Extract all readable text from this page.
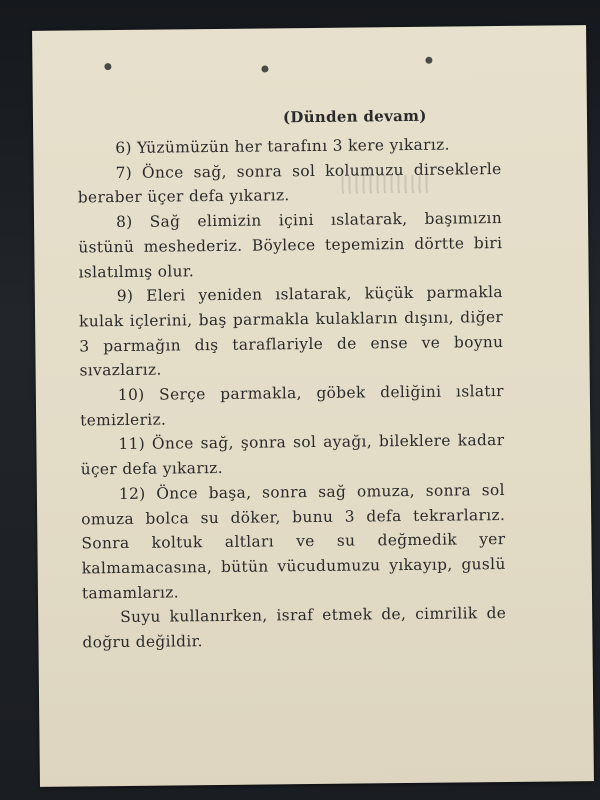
(Dünden devam)

6) Yüzümüzün her tarafını 3 kere yıkarız.

7) Önce sağ, sonra sol kolumuzu dirseklerle beraber üçer defa yıkarız.

8) Sağ elimizin içini ıslatarak, başımızın üstünü meshederiz. Böylece tepemizin dörtte biri ıslatılmış olur.

9) Eleri yeniden ıslatarak, küçük parmakla kulak içlerini, baş parmakla kulakların dışını, diğer 3 parmağın dış taraflariyle de ense ve boynu sıvazlarız.

10) Serçe parmakla, göbek deliğini ıslatır temizleriz.

11) Önce sağ, şonra sol ayağı, bileklere kadar üçer defa yıkarız.

12) Önce başa, sonra sağ omuza, sonra sol omuza bolca su döker, bunu 3 defa tekrarlarız. Sonra koltuk altları ve su değmedik yer kalmamacasına, bütün vücudumuzu yıkayıp, guslü tamamlarız.

Suyu kullanırken, israf etmek de, cimrilik de doğru değildir.
